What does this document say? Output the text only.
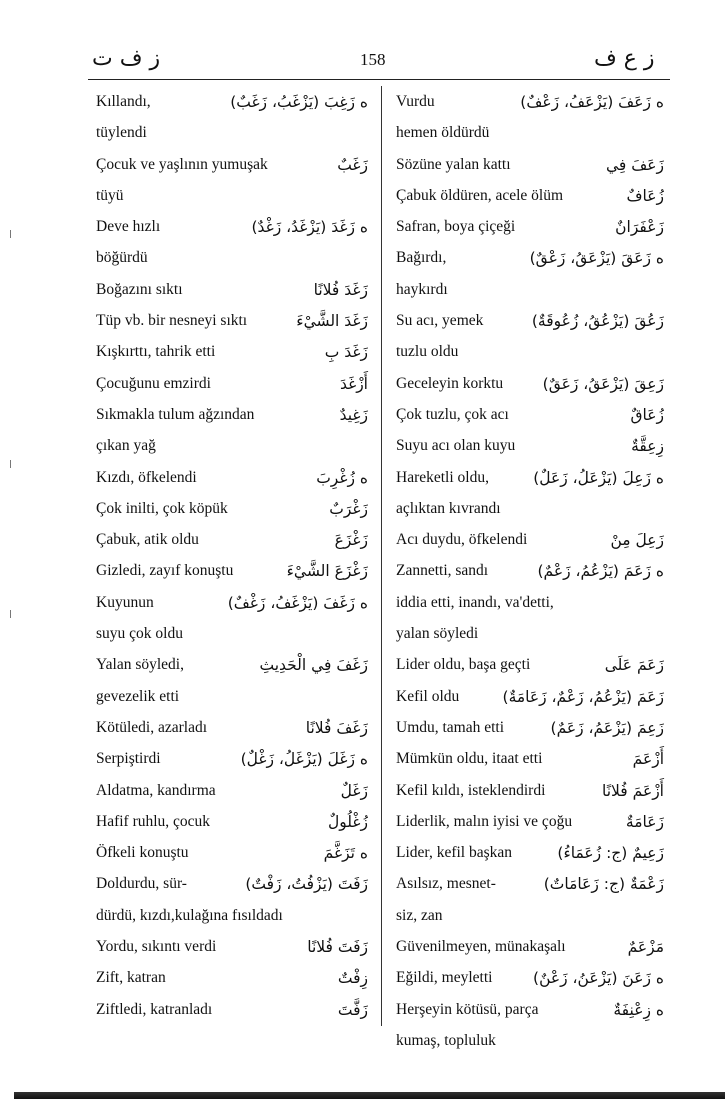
ز ف ت	158	ز ع ف
Kıllandı,	ە زَغِبَ (يَزْغَبُ، زَغَبٌ)
tüylendi
Çocuk ve yaşlının yumuşak	زَغَبٌ
tüyü
Deve hızlı	ە زَغَدَ (يَزْغَدُ، زَغْدٌ)
böğürdü
Boğazını sıktı	زَغَدَ فُلانًا
Tüp vb. bir nesneyi sıktı	زَغَدَ الشَّيْءَ
Kışkırttı, tahrik etti	زَغَدَ بِ
Çocuğunu emzirdi	أَزْغَدَ
Sıkmakla tulum ağzından	زَغِيدٌ
çıkan yağ
Kızdı, öfkelendi	ە زُغْرِبَ
Çok inilti, çok köpük	زَغْرَبٌ
Çabuk, atik oldu	زَغْزَعَ
Gizledi, zayıf konuştu	زَغْزَعَ الشَّيْءَ
Kuyunun	ە زَغَفَ (يَزْغَفُ، زَغْفٌ)
suyu çok oldu
Yalan söyledi,	زَغَفَ فِي الْحَدِيثِ
gevezelik etti
Kötüledi, azarladı	زَغَفَ فُلانًا
Serpiştirdi	ە زَغَلَ (يَزْغَلُ، زَغْلٌ)
Aldatma, kandırma	زَغَلٌ
Hafif ruhlu, çocuk	زُغْلُولٌ
Öfkeli konuştu	ە تَزَغَّمَ
Doldurdu, sür-	زَفَتَ (يَزْفُتُ، زَفْتٌ)
dürdü, kızdı,kulağına fısıldadı
Yordu, sıkıntı verdi	زَفَتَ فُلانًا
Zift, katran	زِفْتٌ
Ziftledi, katranladı	زَفَّتَ
Vurdu	ە زَعَفَ (يَزْعَفُ، زَعْفٌ)
hemen öldürdü
Sözüne yalan kattı	زَعَفَ فِي
Çabuk öldüren, acele ölüm	زُعَافٌ
Safran, boya çiçeği	زَعْفَرَانٌ
Bağırdı,	ە زَعَقَ (يَزْعَقُ، زَعْقٌ)
haykırdı
Su acı, yemek	زَعُقَ (يَزْعُقُ، زُعُوقَةٌ)
tuzlu oldu
Geceleyin korktu	زَعِقَ (يَزْعَقُ، زَعَقٌ)
Çok tuzlu, çok acı	زُعَاقٌ
Suyu acı olan kuyu	زِعِقَّةٌ
Hareketli oldu,	ە زَعِلَ (يَزْعَلُ، زَعَلٌ)
açlıktan kıvrandı
Acı duydu, öfkelendi	زَعِلَ مِنْ
Zannetti, sandı	ە زَعَمَ (يَزْعُمُ، زَعْمٌ)
iddia etti, inandı, va'detti,
yalan söyledi
Lider oldu, başa geçti	زَعَمَ عَلَى
Kefil oldu	زَعَمَ (يَزْعُمُ، زَعْمٌ، زَعَامَةٌ)
Umdu, tamah etti	زَعِمَ (يَزْعَمُ، زَعَمٌ)
Mümkün oldu, itaat etti	أَزْعَمَ
Kefil kıldı, isteklendirdi	أَزْعَمَ فُلانًا
Liderlik, malın iyisi ve çoğu	زَعَامَةٌ
Lider, kefil başkan	زَعِيمٌ (ج: زُعَمَاءُ)
Asılsız, mesnet-	زَعْمَةٌ (ج: زَعَامَاتٌ)
siz, zan
Güvenilmeyen, münakaşalı	مَزْعَمٌ
Eğildi, meyletti	ە زَعَنَ (يَزْعَنُ، زَعْنٌ)
Herşeyin kötüsü, parça	ە زِعْنِفَةٌ
kumaş, topluluk
